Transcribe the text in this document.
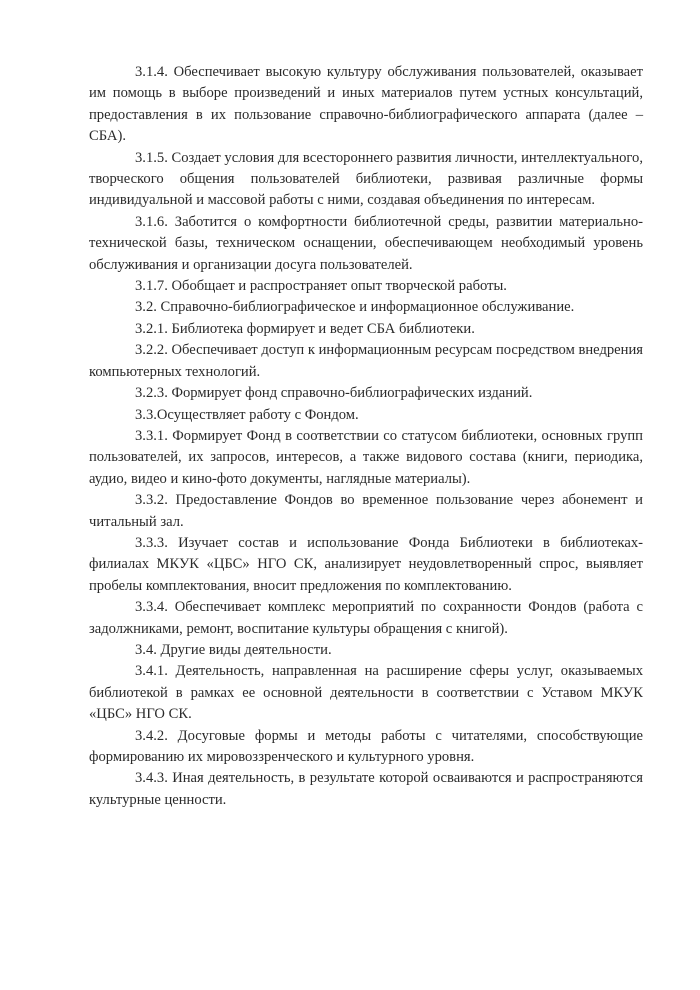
3.1.4. Обеспечивает высокую культуру обслуживания пользователей, оказывает им помощь в выборе произведений и иных материалов путем устных консультаций, предоставления в их пользование справочно-библиографического аппарата (далее – СБА).

3.1.5. Создает условия для всестороннего развития личности, интеллектуального, творческого общения пользователей библиотеки, развивая различные формы индивидуальной и массовой работы с ними, создавая объединения по интересам.

3.1.6. Заботится о комфортности библиотечной среды, развитии материально-технической базы, техническом оснащении, обеспечивающем необходимый уровень обслуживания и организации досуга пользователей.

3.1.7. Обобщает и распространяет опыт творческой работы.

3.2. Справочно-библиографическое и информационное обслуживание.

3.2.1. Библиотека формирует и ведет СБА библиотеки.

3.2.2. Обеспечивает доступ к информационным ресурсам посредством внедрения компьютерных технологий.

3.2.3. Формирует фонд справочно-библиографических изданий.

3.3.Осуществляет работу с Фондом.

3.3.1. Формирует Фонд в соответствии со статусом библиотеки, основных групп пользователей, их запросов, интересов, а также видового состава (книги, периодика, аудио, видео и кино-фото документы, наглядные материалы).

3.3.2. Предоставление Фондов во временное пользование через абонемент и читальный зал.

3.3.3. Изучает состав и использование Фонда Библиотеки в библиотеках-филиалах МКУК «ЦБС» НГО СК, анализирует неудовлетворенный спрос, выявляет пробелы комплектования, вносит предложения по комплектованию.

3.3.4. Обеспечивает комплекс мероприятий по сохранности Фондов (работа с задолжниками, ремонт, воспитание культуры обращения с книгой).

3.4. Другие виды деятельности.

3.4.1. Деятельность, направленная на расширение сферы услуг, оказываемых библиотекой в рамках ее основной деятельности в соответствии с Уставом МКУК «ЦБС» НГО СК.

3.4.2. Досуговые формы и методы работы с читателями, способствующие формированию их мировоззренческого и культурного уровня.

3.4.3. Иная деятельность, в результате которой осваиваются и распространяются культурные ценности.
